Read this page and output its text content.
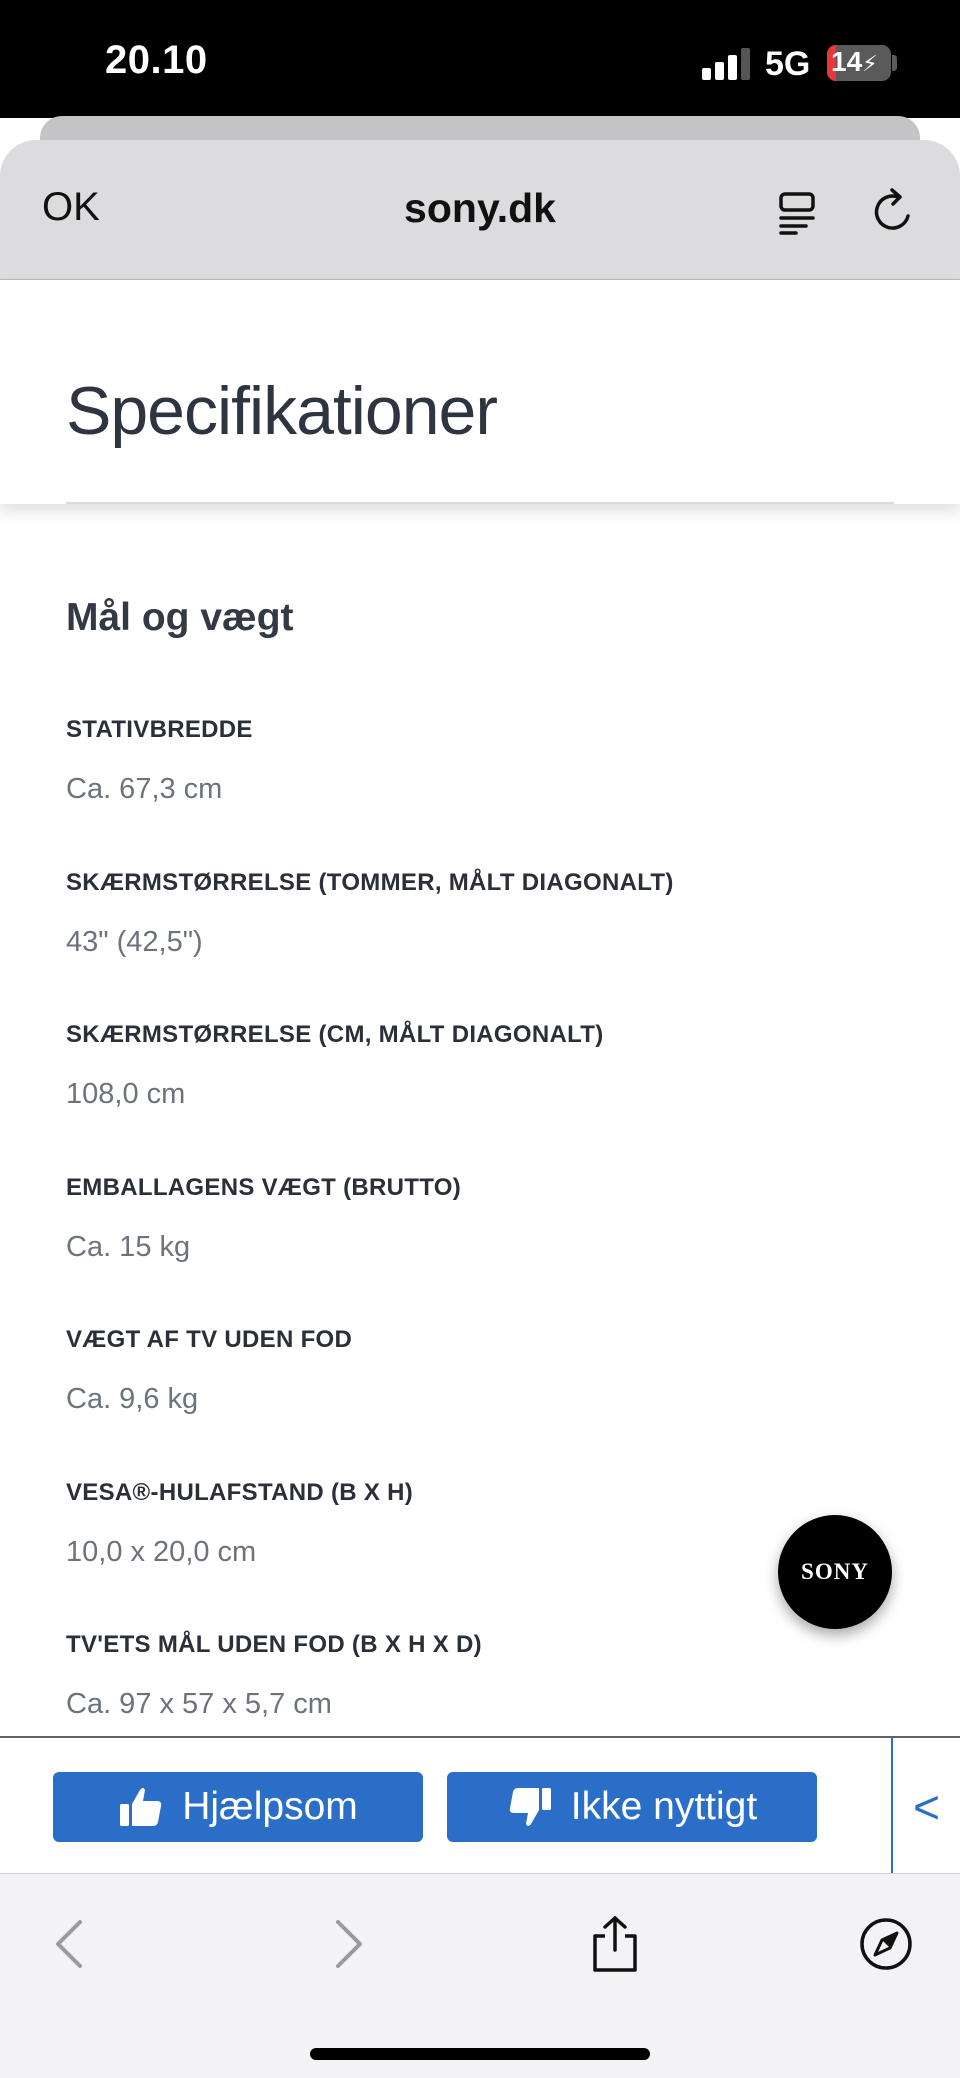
20.10	5G 14⚡
OK	sony.dk
Specifikationer
Mål og vægt
STATIVBREDDE
Ca. 67,3 cm
SKÆRMSTØRRELSE (TOMMER, MÅLT DIAGONALT)
43" (42,5")
SKÆRMSTØRRELSE (CM, MÅLT DIAGONALT)
108,0 cm
EMBALLAGENS VÆGT (BRUTTO)
Ca. 15 kg
VÆGT AF TV UDEN FOD
Ca. 9,6 kg
VESA®-HULAFSTAND (B X H)
10,0 x 20,0 cm
TV'ETS MÅL UDEN FOD (B X H X D)
Ca. 97 x 57 x 5,7 cm
SONY
Hjælpsom	Ikke nyttigt	<
